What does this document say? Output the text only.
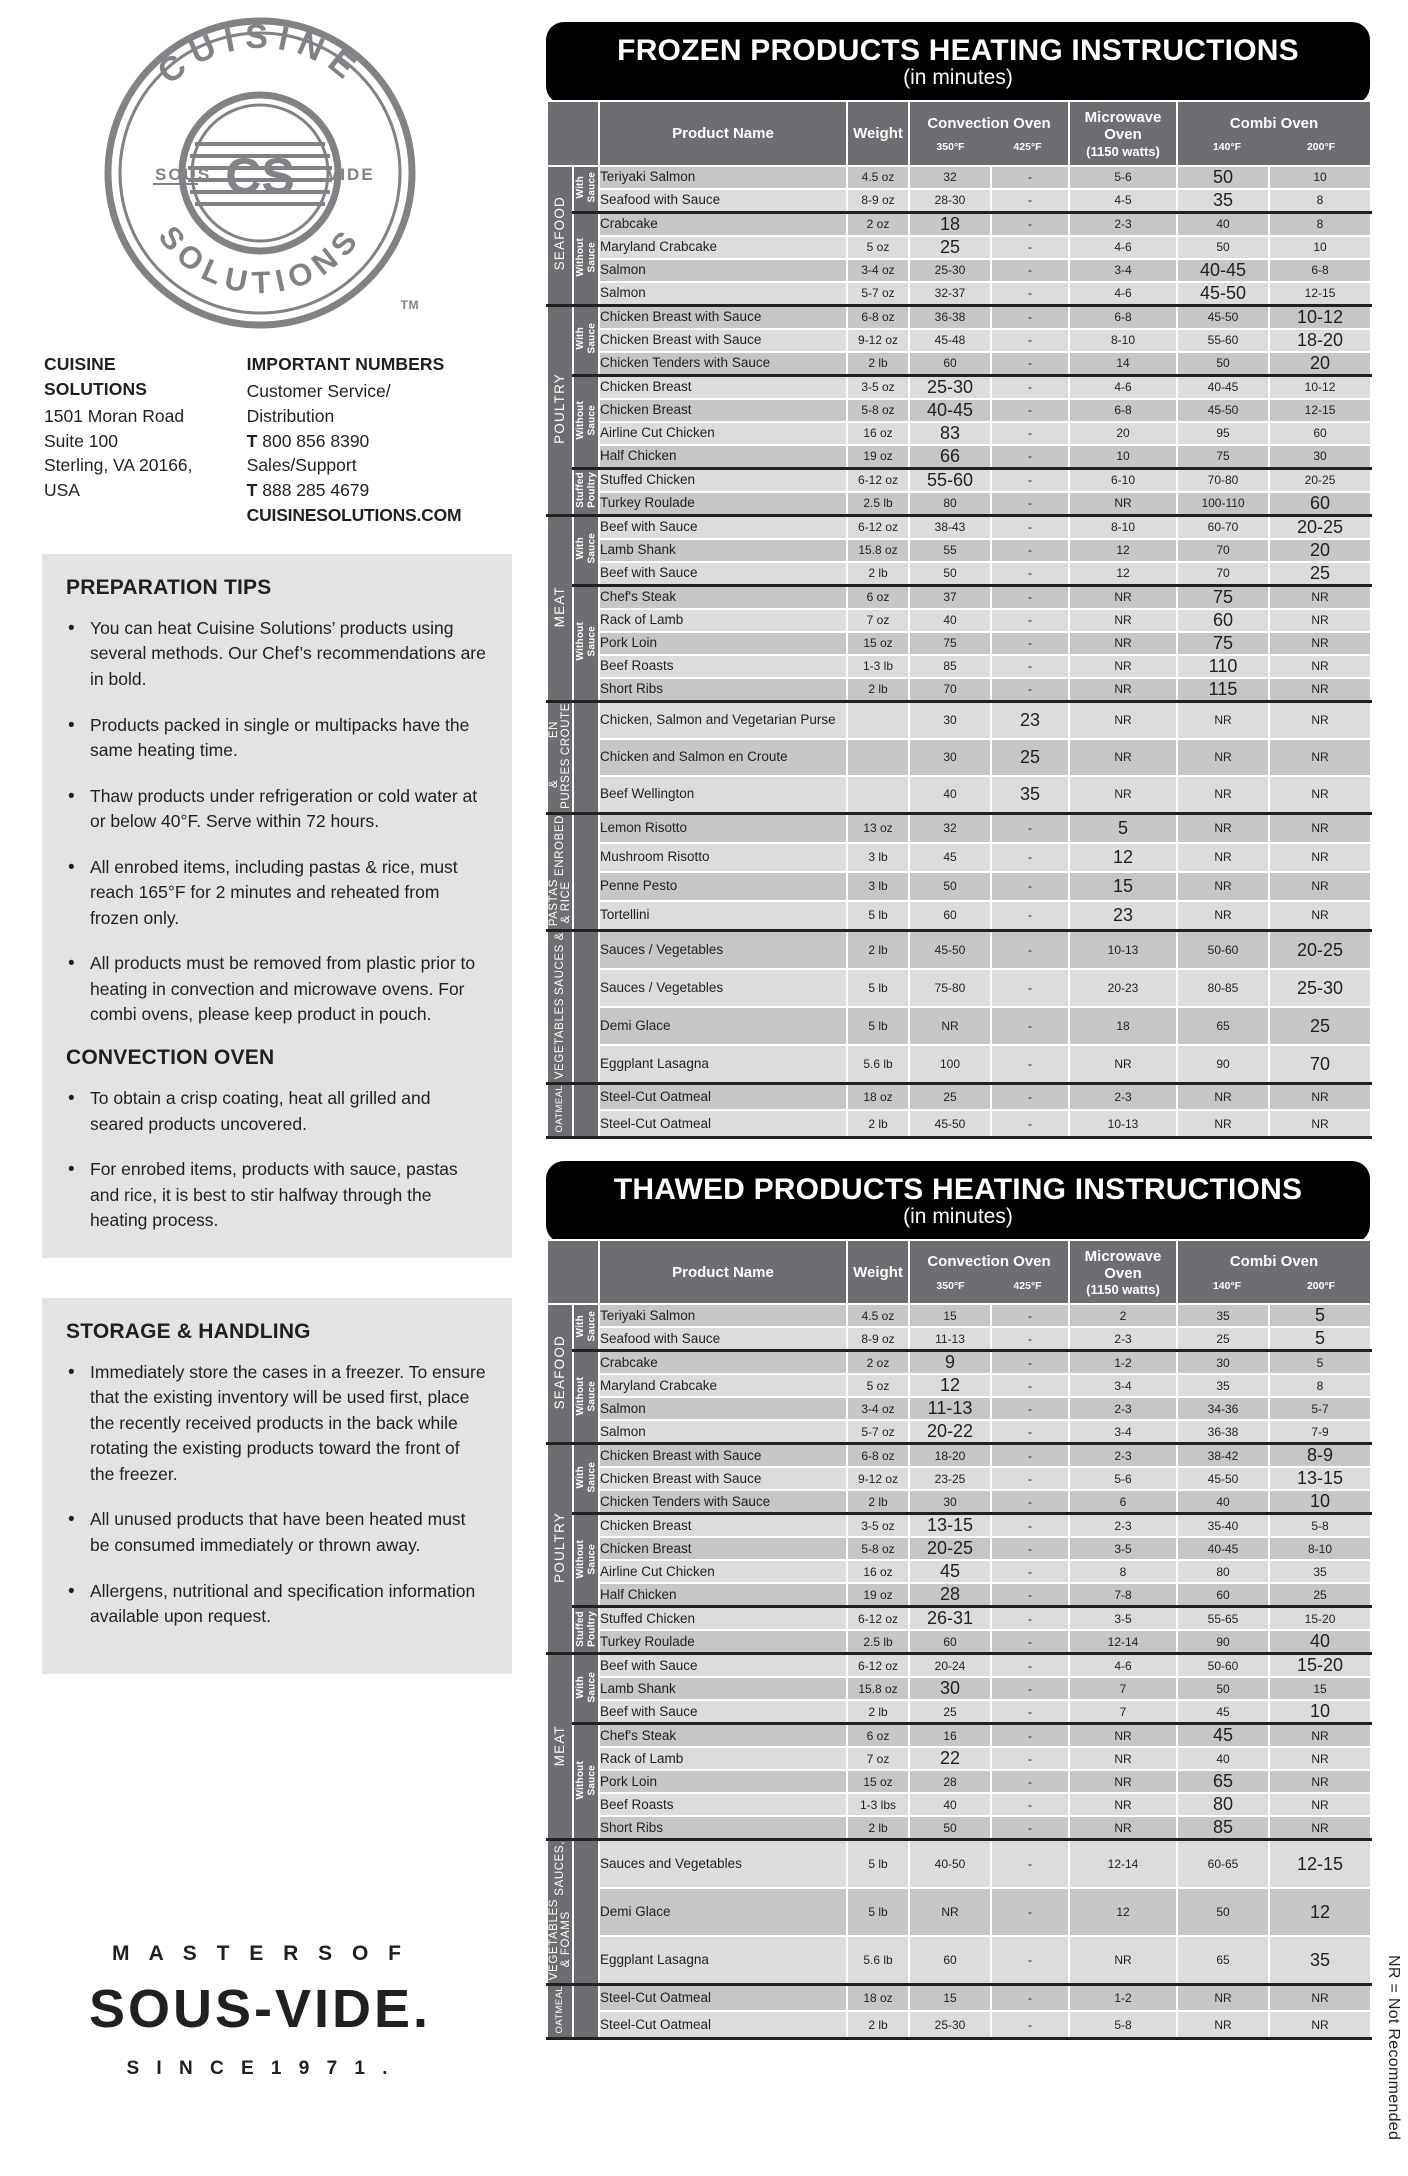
CS
CUISINE
SOLUTIONS
SOUS	VIDE
TM
CUISINE SOLUTIONS
1501 Moran Road
Suite 100
Sterling, VA 20166, USA
IMPORTANT NUMBERS
Customer Service/
Distribution
T 800 856 8390
Sales/Support
T 888 285 4679
CUISINESOLUTIONS.COM
PREPARATION TIPS
• You can heat Cuisine Solutions’ products using several methods. Our Chef’s recommendations are in bold.
• Products packed in single or multipacks have the same heating time.
• Thaw products under refrigeration or cold water at or below 40°F. Serve within 72 hours.
• All enrobed items, including pastas & rice, must reach 165°F for 2 minutes and reheated from frozen only.
• All products must be removed from plastic prior to heating in convection and microwave ovens. For combi ovens, please keep product in pouch.
CONVECTION OVEN
• To obtain a crisp coating, heat all grilled and seared products uncovered.
• For enrobed items, products with sauce, pastas and rice, it is best to stir halfway through the heating process.
STORAGE & HANDLING
• Immediately store the cases in a freezer. To ensure that the existing inventory will be used first, place the recently received products in the back while rotating the existing products toward the front of the freezer.
• All unused products that have been heated must be consumed immediately or thrown away.
• Allergens, nutritional and specification information available upon request.
M A S T E R S O F
SOUS-VIDE.
S I N C E 1 9 7 1 .
FROZEN PRODUCTS HEATING INSTRUCTIONS
(in minutes)

Product Name	Weight

Convection Oven
350°F	425°F

Microwave
Oven
(1150 watts)

Combi Oven
140°F	200°F

SEAFOOD	With
Sauce	Teriyaki Salmon	4.5 oz	32	-	5-6	50	10
		Seafood with Sauce	8-9 oz	28-30	-	4-5	35	8
	Without
Sauce	Crabcake	2 oz	18	-	2-3	40	8
		Maryland Crabcake	5 oz	25	-	4-6	50	10
		Salmon	3-4 oz	25-30	-	3-4	40-45	6-8
		Salmon	5-7 oz	32-37	-	4-6	45-50	12-15
POULTRY	With
Sauce	Chicken Breast with Sauce	6-8 oz	36-38	-	6-8	45-50	10-12
		Chicken Breast with Sauce	9-12 oz	45-48	-	8-10	55-60	18-20
		Chicken Tenders with Sauce	2 lb	60	-	14	50	20
	Without
Sauce	Chicken Breast	3-5 oz	25-30	-	4-6	40-45	10-12
		Chicken Breast	5-8 oz	40-45	-	6-8	45-50	12-15
		Airline Cut Chicken	16 oz	83	-	20	95	60
		Half Chicken	19 oz	66	-	10	75	30
	Stuffed
Poultry	Stuffed Chicken	6-12 oz	55-60	-	6-10	70-80	20-25
		Turkey Roulade	2.5 lb	80	-	NR	100-110	60
MEAT	With
Sauce	Beef with Sauce	6-12 oz	38-43	-	8-10	60-70	20-25
		Lamb Shank	15.8 oz	55	-	12	70	20
		Beef with Sauce	2 lb	50	-	12	70	25
	Without
Sauce	Chef's Steak	6 oz	37	-	NR	75	NR
		Rack of Lamb	7 oz	40	-	NR	60	NR
		Pork Loin	15 oz	75	-	NR	75	NR
		Beef Roasts	1-3 lb	85	-	NR	110	NR
		Short Ribs	2 lb	70	-	NR	115	NR
EN
CROUTE&
PURSES		Chicken, Salmon and Vegetarian Purse		30	23	NR	NR	NR
		Chicken and Salmon en Croute		30	25	NR	NR	NR
		Beef Wellington		40	35	NR	NR	NR
ENROBEDPASTAS
& RICE		Lemon Risotto	13 oz	32	-	5	NR	NR
		Mushroom Risotto	3 lb	45	-	12	NR	NR
		Penne Pesto	3 lb	50	-	15	NR	NR
		Tortellini	5 lb	60	-	23	NR	NR
SAUCES &VEGETABLES		Sauces / Vegetables	2 lb	45-50	-	10-13	50-60	20-25
		Sauces / Vegetables	5 lb	75-80	-	20-23	80-85	25-30
		Demi Glace	5 lb	NR	-	18	65	25
		Eggplant Lasagna	5.6 lb	100	-	NR	90	70
OATMEAL		Steel-Cut Oatmeal	18 oz	25	-	2-3	NR	NR
		Steel-Cut Oatmeal	2 lb	45-50	-	10-13	NR	NR
THAWED PRODUCTS HEATING INSTRUCTIONS
(in minutes)

Product Name	Weight

Convection Oven
350°F	425°F

Microwave
Oven
(1150 watts)

Combi Oven
140°F	200°F

SEAFOOD	With
Sauce	Teriyaki Salmon	4.5 oz	15	-	2	35	5
		Seafood with Sauce	8-9 oz	11-13	-	2-3	25	5
	Without
Sauce	Crabcake	2 oz	9	-	1-2	30	5
		Maryland Crabcake	5 oz	12	-	3-4	35	8
		Salmon	3-4 oz	11-13	-	2-3	34-36	5-7
		Salmon	5-7 oz	20-22	-	3-4	36-38	7-9
POULTRY	With
Sauce	Chicken Breast with Sauce	6-8 oz	18-20	-	2-3	38-42	8-9
		Chicken Breast with Sauce	9-12 oz	23-25	-	5-6	45-50	13-15
		Chicken Tenders with Sauce	2 lb	30	-	6	40	10
	Without
Sauce	Chicken Breast	3-5 oz	13-15	-	2-3	35-40	5-8
		Chicken Breast	5-8 oz	20-25	-	3-5	40-45	8-10
		Airline Cut Chicken	16 oz	45	-	8	80	35
		Half Chicken	19 oz	28	-	7-8	60	25
	Stuffed
Poultry	Stuffed Chicken	6-12 oz	26-31	-	3-5	55-65	15-20
		Turkey Roulade	2.5 lb	60	-	12-14	90	40
MEAT	With
Sauce	Beef with Sauce	6-12 oz	20-24	-	4-6	50-60	15-20
		Lamb Shank	15.8 oz	30	-	7	50	15
		Beef with Sauce	2 lb	25	-	7	45	10
	Without
Sauce	Chef's Steak	6 oz	16	-	NR	45	NR
		Rack of Lamb	7 oz	22	-	NR	40	NR
		Pork Loin	15 oz	28	-	NR	65	NR
		Beef Roasts	1-3 lbs	40	-	NR	80	NR
		Short Ribs	2 lb	50	-	NR	85	NR
SAUCES,VEGETABLES
& FOAMS		Sauces and Vegetables	5 lb	40-50	-	12-14	60-65	12-15
		Demi Glace	5 lb	NR	-	12	50	12
		Eggplant Lasagna	5.6 lb	60	-	NR	65	35
OATMEAL		Steel-Cut Oatmeal	18 oz	15	-	1-2	NR	NR
		Steel-Cut Oatmeal	2 lb	25-30	-	5-8	NR	NR	NR = Not Recommended
